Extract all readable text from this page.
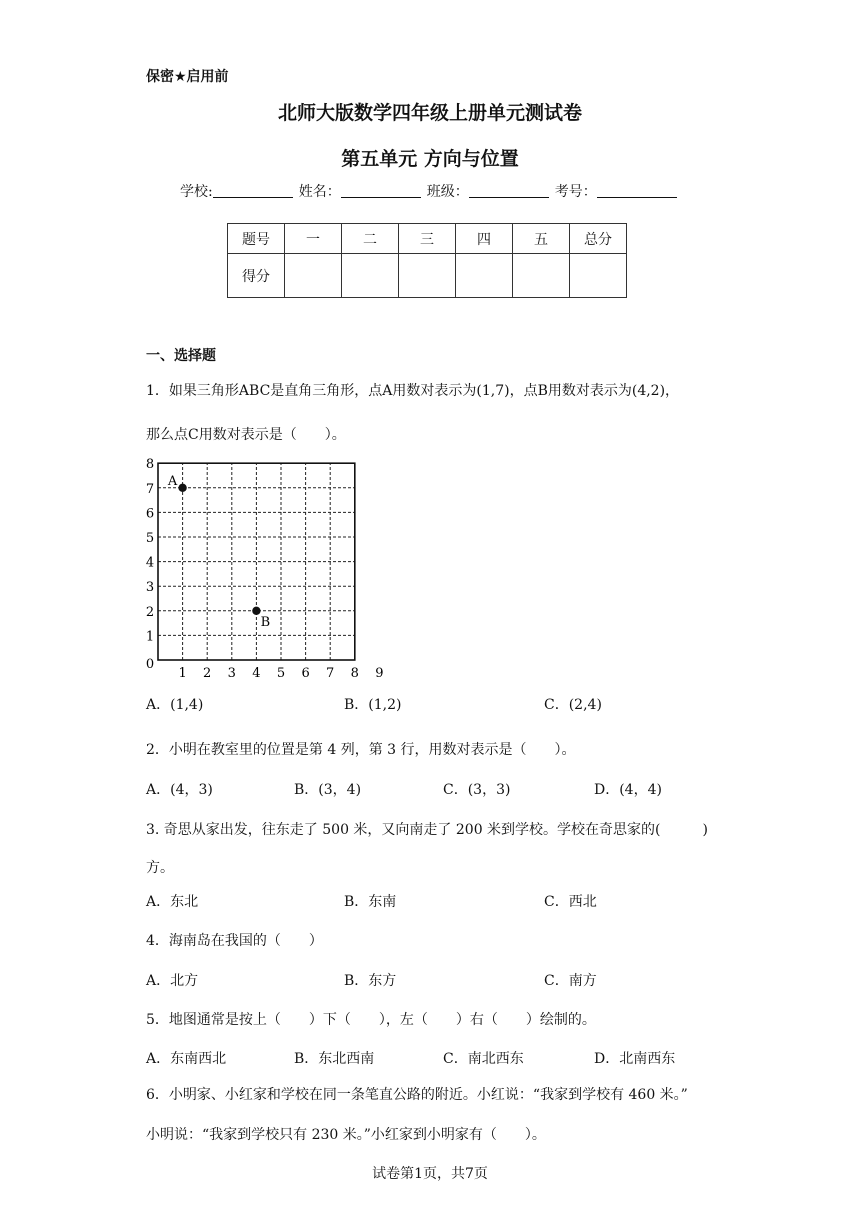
保密★启用前
北师大版数学四年级上册单元测试卷
第五单元 方向与位置
学校:	姓名：	班级：	考号：
题号	一	二	三	四	五	总分
得分						
一、选择题
1．如果三角形ABC是直角三角形，点A用数对表示为(1,7)，点B用数对表示为(4,2)，
那么点C用数对表示是（　　）。
0
1 2 3 4 5 6 7 8 9
1
2
3
4
5
6
7
8
A
B
A．(1,4)	B．(1,2)	C．(2,4)
2．小明在教室里的位置是第 4 列，第 3 行，用数对表示是（　　）。
A．(4，3)	B．(3，4)	C．(3，3)	D．(4，4)
3. 奇思从家出发，往东走了 500 米，又向南走了 200 米到学校。学校在奇思家的(　　　)
方。
A．东北	B．东南	C．西北
4．海南岛在我国的（　　）
A．北方	B．东方	C．南方
5．地图通常是按上（　　）下（　　），左（　　）右（　　）绘制的。
A．东南西北	B．东北西南	C．南北西东	D．北南西东
6．小明家、小红家和学校在同一条笔直公路的附近。小红说：“我家到学校有 460 米。”
小明说：“我家到学校只有 230 米。”小红家到小明家有（　　）。
试卷第1页，共7页
